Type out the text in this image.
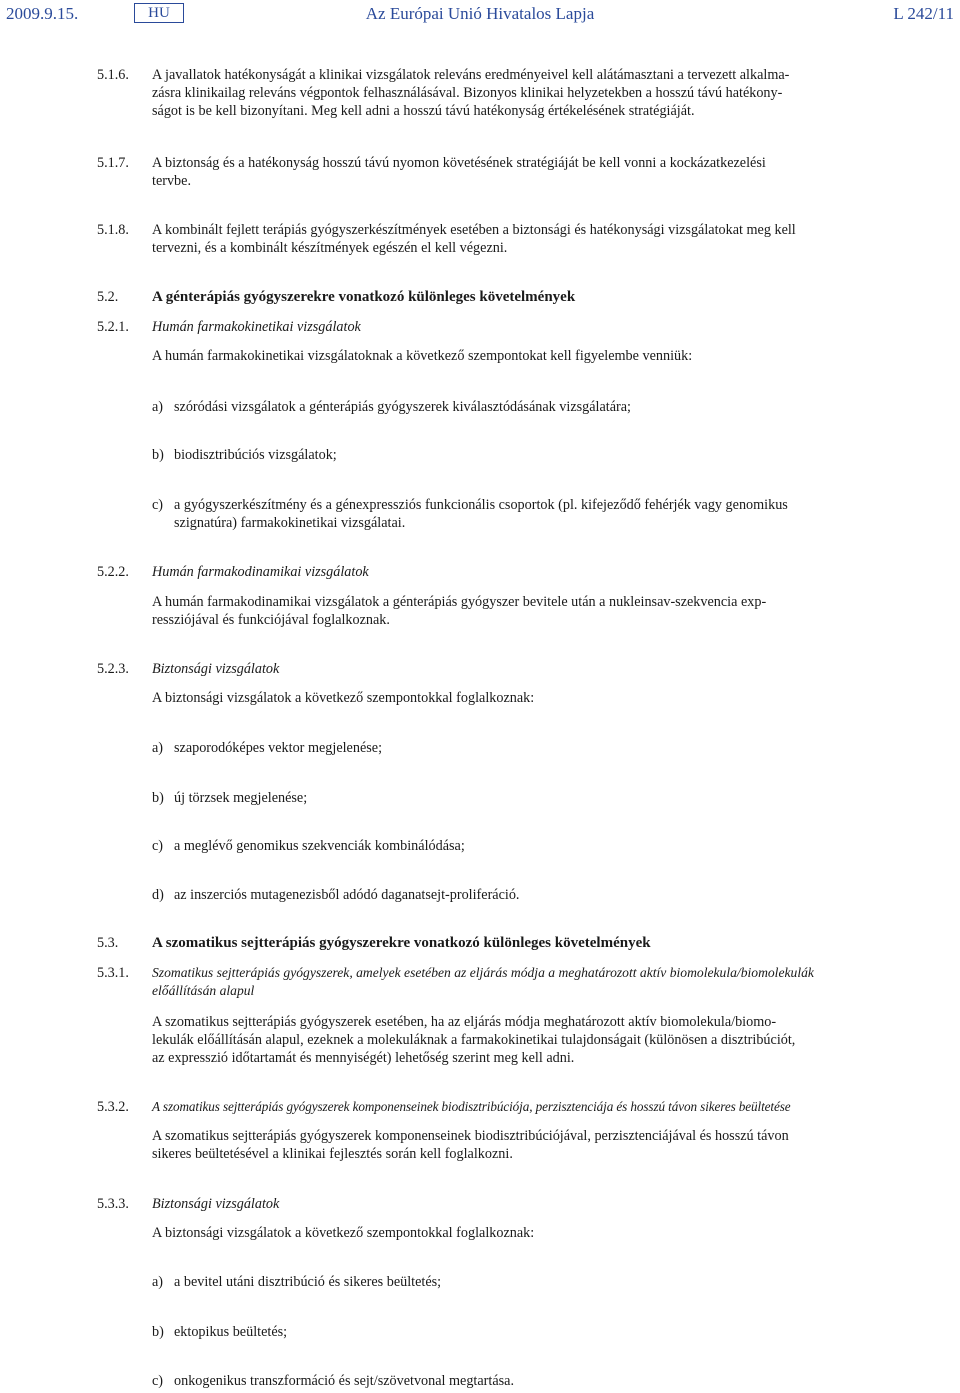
2009.9.15.	HU	Az Európai Unió Hivatalos Lapja	L 242/11
5.1.6. A javallatok hatékonyságát a klinikai vizsgálatok releváns eredményeivel kell alátámasztani a tervezett alkalma-
zásra klinikailag releváns végpontok felhasználásával. Bizonyos klinikai helyzetekben a hosszú távú hatékony-
ságot is be kell bizonyítani. Meg kell adni a hosszú távú hatékonyság értékelésének stratégiáját.
5.1.7. A biztonság és a hatékonyság hosszú távú nyomon követésének stratégiáját be kell vonni a kockázatkezelési
tervbe.
5.1.8. A kombinált fejlett terápiás gyógyszerkészítmények esetében a biztonsági és hatékonysági vizsgálatokat meg kell
tervezni, és a kombinált készítmények egészén el kell végezni.
5.2. A génterápiás gyógyszerekre vonatkozó különleges követelmények
5.2.1. Humán farmakokinetikai vizsgálatok
A humán farmakokinetikai vizsgálatoknak a következő szempontokat kell figyelembe venniük:
a) szóródási vizsgálatok a génterápiás gyógyszerek kiválasztódásának vizsgálatára;
b) biodisztribúciós vizsgálatok;
c) a gyógyszerkészítmény és a génexpressziós funkcionális csoportok (pl. kifejeződő fehérjék vagy genomikus
szignatúra) farmakokinetikai vizsgálatai.
5.2.2. Humán farmakodinamikai vizsgálatok
A humán farmakodinamikai vizsgálatok a génterápiás gyógyszer bevitele után a nukleinsav-szekvencia exp-
ressziójával és funkciójával foglalkoznak.
5.2.3. Biztonsági vizsgálatok
A biztonsági vizsgálatok a következő szempontokkal foglalkoznak:
a) szaporodóképes vektor megjelenése;
b) új törzsek megjelenése;
c) a meglévő genomikus szekvenciák kombinálódása;
d) az inszerciós mutagenezisből adódó daganatsejt-proliferáció.
5.3. A szomatikus sejtterápiás gyógyszerekre vonatkozó különleges követelmények
5.3.1. Szomatikus sejtterápiás gyógyszerek, amelyek esetében az eljárás módja a meghatározott aktív biomolekula/biomolekulák
előállításán alapul
A szomatikus sejtterápiás gyógyszerek esetében, ha az eljárás módja meghatározott aktív biomolekula/biomo-
lekulák előállításán alapul, ezeknek a molekuláknak a farmakokinetikai tulajdonságait (különösen a disztribúciót,
az expresszió időtartamát és mennyiségét) lehetőség szerint meg kell adni.
5.3.2. A szomatikus sejtterápiás gyógyszerek komponenseinek biodisztribúciója, perzisztenciája és hosszú távon sikeres beültetése
A szomatikus sejtterápiás gyógyszerek komponenseinek biodisztribúciójával, perzisztenciájával és hosszú távon
sikeres beültetésével a klinikai fejlesztés során kell foglalkozni.
5.3.3. Biztonsági vizsgálatok
A biztonsági vizsgálatok a következő szempontokkal foglalkoznak:
a) a bevitel utáni disztribúció és sikeres beültetés;
b) ektopikus beültetés;
c) onkogenikus transzformáció és sejt/szövetvonal megtartása.
